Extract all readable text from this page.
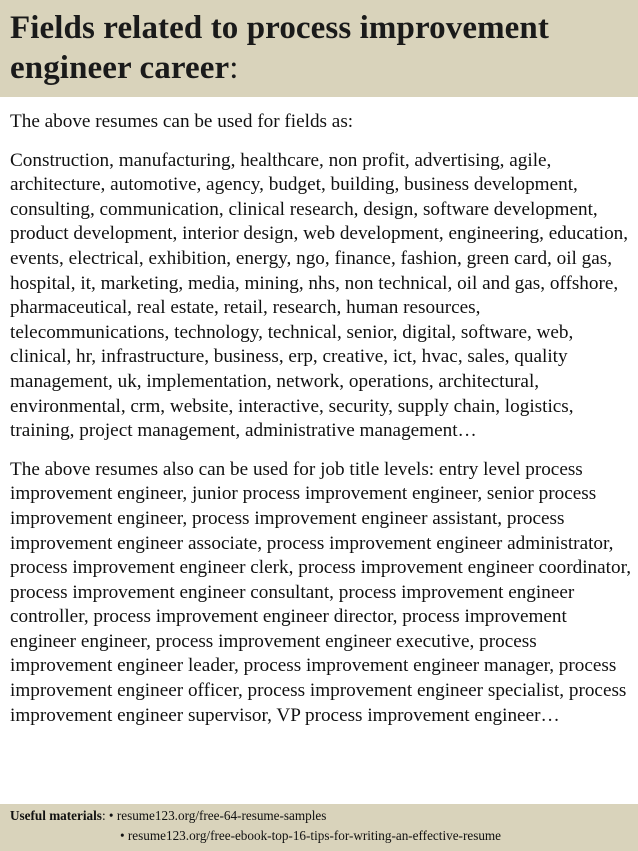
Fields related to process improvement engineer career:

The above resumes can be used for fields as:

Construction, manufacturing, healthcare, non profit, advertising, agile, architecture, automotive, agency, budget, building, business development, consulting, communication, clinical research, design, software development, product development, interior design, web development, engineering, education, events, electrical, exhibition, energy, ngo, finance, fashion, green card, oil gas, hospital, it, marketing, media, mining, nhs, non technical, oil and gas, offshore, pharmaceutical, real estate, retail, research, human resources, telecommunications, technology, technical, senior, digital, software, web, clinical, hr, infrastructure, business, erp, creative, ict, hvac, sales, quality management, uk, implementation, network, operations, architectural, environmental, crm, website, interactive, security, supply chain, logistics, training, project management, administrative management…

The above resumes also can be used for job title levels: entry level process improvement engineer, junior process improvement engineer, senior process improvement engineer, process improvement engineer assistant, process improvement engineer associate, process improvement engineer administrator, process improvement engineer clerk, process improvement engineer coordinator, process improvement engineer consultant, process improvement engineer controller, process improvement engineer director, process improvement engineer engineer, process improvement engineer executive, process improvement engineer leader, process improvement engineer manager, process improvement engineer officer, process improvement engineer specialist, process improvement engineer supervisor, VP process improvement engineer…

Useful materials: • resume123.org/free-64-resume-samples
• resume123.org/free-ebook-top-16-tips-for-writing-an-effective-resume
